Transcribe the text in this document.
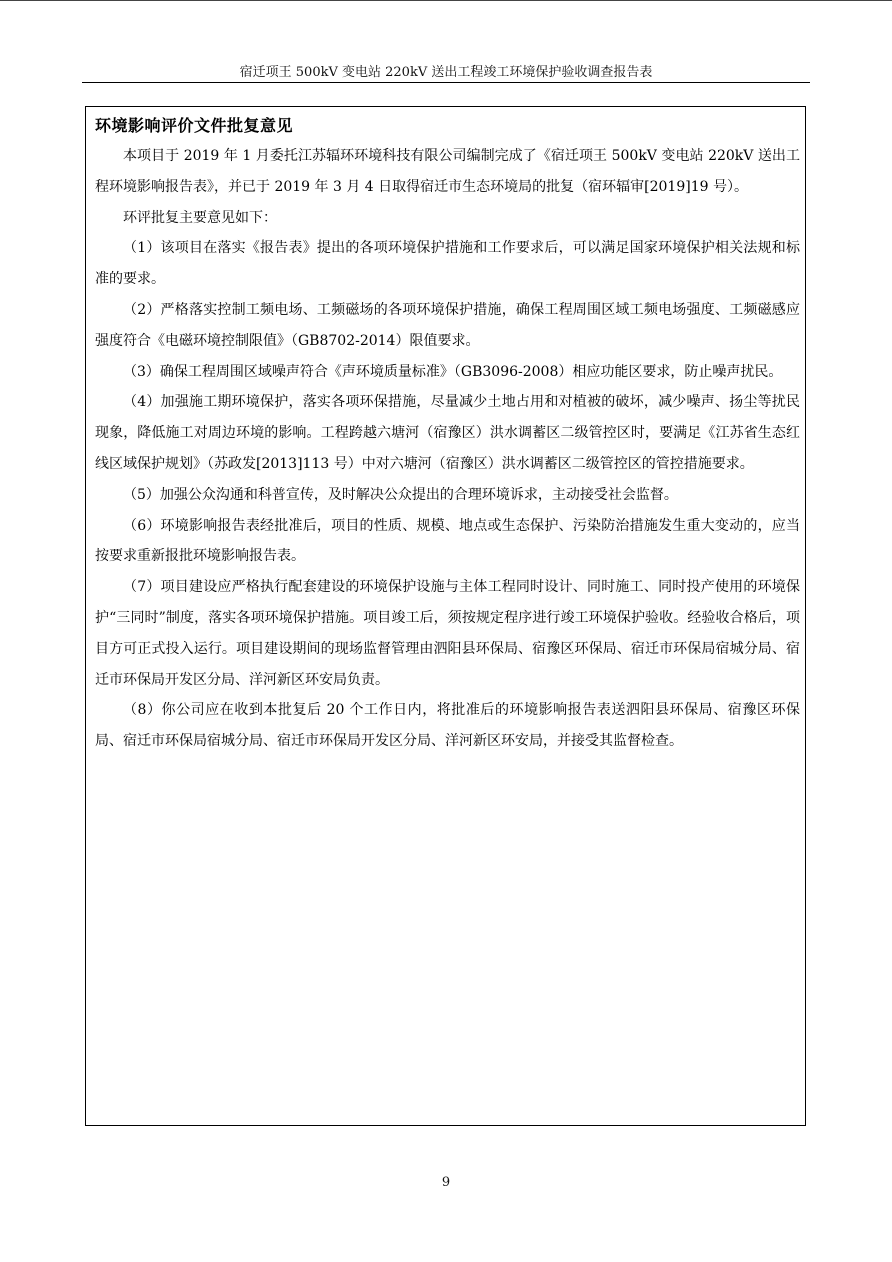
宿迁项王 500kV 变电站 220kV 送出工程竣工环境保护验收调查报告表

环境影响评价文件批复意见

本项目于 2019 年 1 月委托江苏辐环环境科技有限公司编制完成了《宿迁项王 500kV 变电站 220kV 送出工程环境影响报告表》，并已于 2019 年 3 月 4 日取得宿迁市生态环境局的批复（宿环辐审[2019]19 号）。

环评批复主要意见如下：

（1）该项目在落实《报告表》提出的各项环境保护措施和工作要求后，可以满足国家环境保护相关法规和标准的要求。

（2）严格落实控制工频电场、工频磁场的各项环境保护措施，确保工程周围区域工频电场强度、工频磁感应强度符合《电磁环境控制限值》（GB8702-2014）限值要求。

（3）确保工程周围区域噪声符合《声环境质量标准》（GB3096-2008）相应功能区要求，防止噪声扰民。

（4）加强施工期环境保护，落实各项环保措施，尽量减少土地占用和对植被的破坏，减少噪声、扬尘等扰民现象，降低施工对周边环境的影响。工程跨越六塘河（宿豫区）洪水调蓄区二级管控区时，要满足《江苏省生态红线区域保护规划》（苏政发[2013]113 号）中对六塘河（宿豫区）洪水调蓄区二级管控区的管控措施要求。

（5）加强公众沟通和科普宣传，及时解决公众提出的合理环境诉求，主动接受社会监督。

（6）环境影响报告表经批准后，项目的性质、规模、地点或生态保护、污染防治措施发生重大变动的，应当按要求重新报批环境影响报告表。

（7）项目建设应严格执行配套建设的环境保护设施与主体工程同时设计、同时施工、同时投产使用的环境保护“三同时”制度，落实各项环境保护措施。项目竣工后，须按规定程序进行竣工环境保护验收。经验收合格后，项目方可正式投入运行。项目建设期间的现场监督管理由泗阳县环保局、宿豫区环保局、宿迁市环保局宿城分局、宿迁市环保局开发区分局、洋河新区环安局负责。

（8）你公司应在收到本批复后 20 个工作日内，将批准后的环境影响报告表送泗阳县环保局、宿豫区环保局、宿迁市环保局宿城分局、宿迁市环保局开发区分局、洋河新区环安局，并接受其监督检查。

9
